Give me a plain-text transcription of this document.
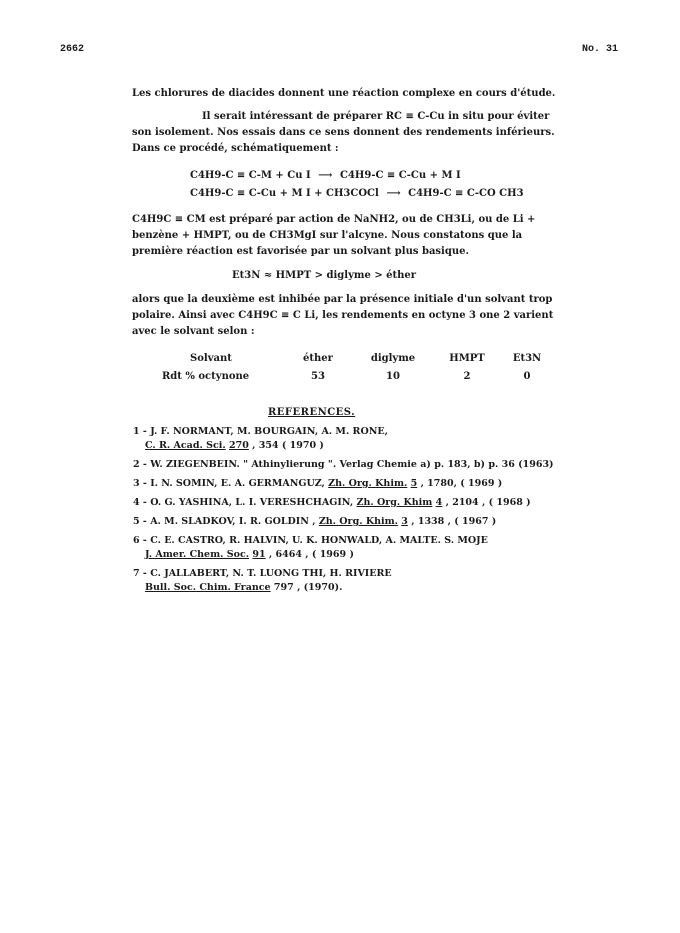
2662	No. 31

Les chlorures de diacides donnent une réaction complexe en cours d'étude.

Il serait intéressant de préparer RC ≡ C-Cu in situ pour éviter son isolement. Nos essais dans ce sens donnent des rendements inférieurs. Dans ce procédé, schématiquement :

C4H9-C ≡ C-M + Cu I ⟶ C4H9-C ≡ C-Cu + M I
C4H9-C ≡ C-Cu + M I + CH3COCl ⟶ C4H9-C ≡ C-CO CH3

C4H9C ≡ CM est préparé par action de NaNH2, ou de CH3Li, ou de Li + benzène + HMPT, ou de CH3MgI sur l'alcyne. Nous constatons que la première réaction est favorisée par un solvant plus basique.

Et3N ≈ HMPT > diglyme > éther

alors que la deuxième est inhibée par la présence initiale d'un solvant trop polaire. Ainsi avec C4H9C ≡ C Li, les rendements en octyne 3 one 2 varient avec le solvant selon :

Solvant	éther	diglyme	HMPT	Et3N
Rdt % octynone	53	10	2	0
REFERENCES.
1 - J. F. NORMANT, M. BOURGAIN, A. M. RONE,
C. R. Acad. Sci. 270 , 354 ( 1970 )
2 - W. ZIEGENBEIN. " Athinylierung ". Verlag Chemie a) p. 183, b) p. 36 (1963)
3 - I. N. SOMIN, E. A. GERMANGUZ, Zh. Org. Khim. 5 , 1780, ( 1969 )
4 - O. G. YASHINA, L. I. VERESHCHAGIN, Zh. Org. Khim 4 , 2104 , ( 1968 )
5 - A. M. SLADKOV, I. R. GOLDIN , Zh. Org. Khim. 3 , 1338 , ( 1967 )
6 - C. E. CASTRO, R. HALVIN, U. K. HONWALD, A. MALTE. S. MOJE
J. Amer. Chem. Soc. 91 , 6464 , ( 1969 )
7 - C. JALLABERT, N. T. LUONG THI, H. RIVIERE
Bull. Soc. Chim. France 797 , (1970).
